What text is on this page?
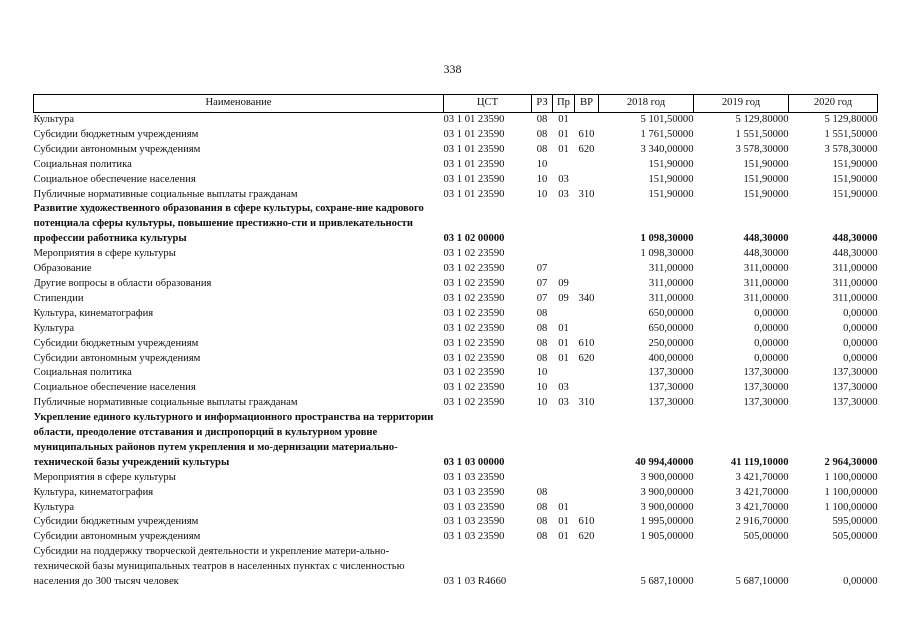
338
Наименование	ЦСТ	РЗ	Пр	ВР	2018 год	2019 год	2020 год
Культура	03 1 01 23590	08	01		5 101,50000	5 129,80000	5 129,80000
Субсидии бюджетным учреждениям	03 1 01 23590	08	01	610	1 761,50000	1 551,50000	1 551,50000
Субсидии автономным учреждениям	03 1 01 23590	08	01	620	3 340,00000	3 578,30000	3 578,30000
Социальная политика	03 1 01 23590	10			151,90000	151,90000	151,90000
Социальное обеспечение населения	03 1 01 23590	10	03		151,90000	151,90000	151,90000
Публичные нормативные социальные выплаты гражданам	03 1 01 23590	10	03	310	151,90000	151,90000	151,90000
Развитие художественного образования в сфере культуры, сохране-ние кадрового потенциала сферы культуры, повышение престижно-сти и привлекательности профессии работника культуры	03 1 02 00000				1 098,30000	448,30000	448,30000
Мероприятия в сфере культуры	03 1 02 23590				1 098,30000	448,30000	448,30000
Образование	03 1 02 23590	07			311,00000	311,00000	311,00000
Другие вопросы в области образования	03 1 02 23590	07	09		311,00000	311,00000	311,00000
Стипендии	03 1 02 23590	07	09	340	311,00000	311,00000	311,00000
Культура, кинематография	03 1 02 23590	08			650,00000	0,00000	0,00000
Культура	03 1 02 23590	08	01		650,00000	0,00000	0,00000
Субсидии бюджетным учреждениям	03 1 02 23590	08	01	610	250,00000	0,00000	0,00000
Субсидии автономным учреждениям	03 1 02 23590	08	01	620	400,00000	0,00000	0,00000
Социальная политика	03 1 02 23590	10			137,30000	137,30000	137,30000
Социальное обеспечение населения	03 1 02 23590	10	03		137,30000	137,30000	137,30000
Публичные нормативные социальные выплаты гражданам	03 1 02 23590	10	03	310	137,30000	137,30000	137,30000
Укрепление единого культурного и информационного пространства на территории области, преодоление отставания и диспропорций в культурном уровне муниципальных районов путем укрепления и мо-дернизации материально-технической базы учреждений культуры	03 1 03 00000				40 994,40000	41 119,10000	2 964,30000
Мероприятия в сфере культуры	03 1 03 23590				3 900,00000	3 421,70000	1 100,00000
Культура, кинематография	03 1 03 23590	08			3 900,00000	3 421,70000	1 100,00000
Культура	03 1 03 23590	08	01		3 900,00000	3 421,70000	1 100,00000
Субсидии бюджетным учреждениям	03 1 03 23590	08	01	610	1 995,00000	2 916,70000	595,00000
Субсидии автономным учреждениям	03 1 03 23590	08	01	620	1 905,00000	505,00000	505,00000
Субсидии на поддержку творческой деятельности и укрепление матери-ально-технической базы муниципальных театров в населенных пунктах с численностью населения до 300 тысяч человек	03 1 03 R4660				5 687,10000	5 687,10000	0,00000
